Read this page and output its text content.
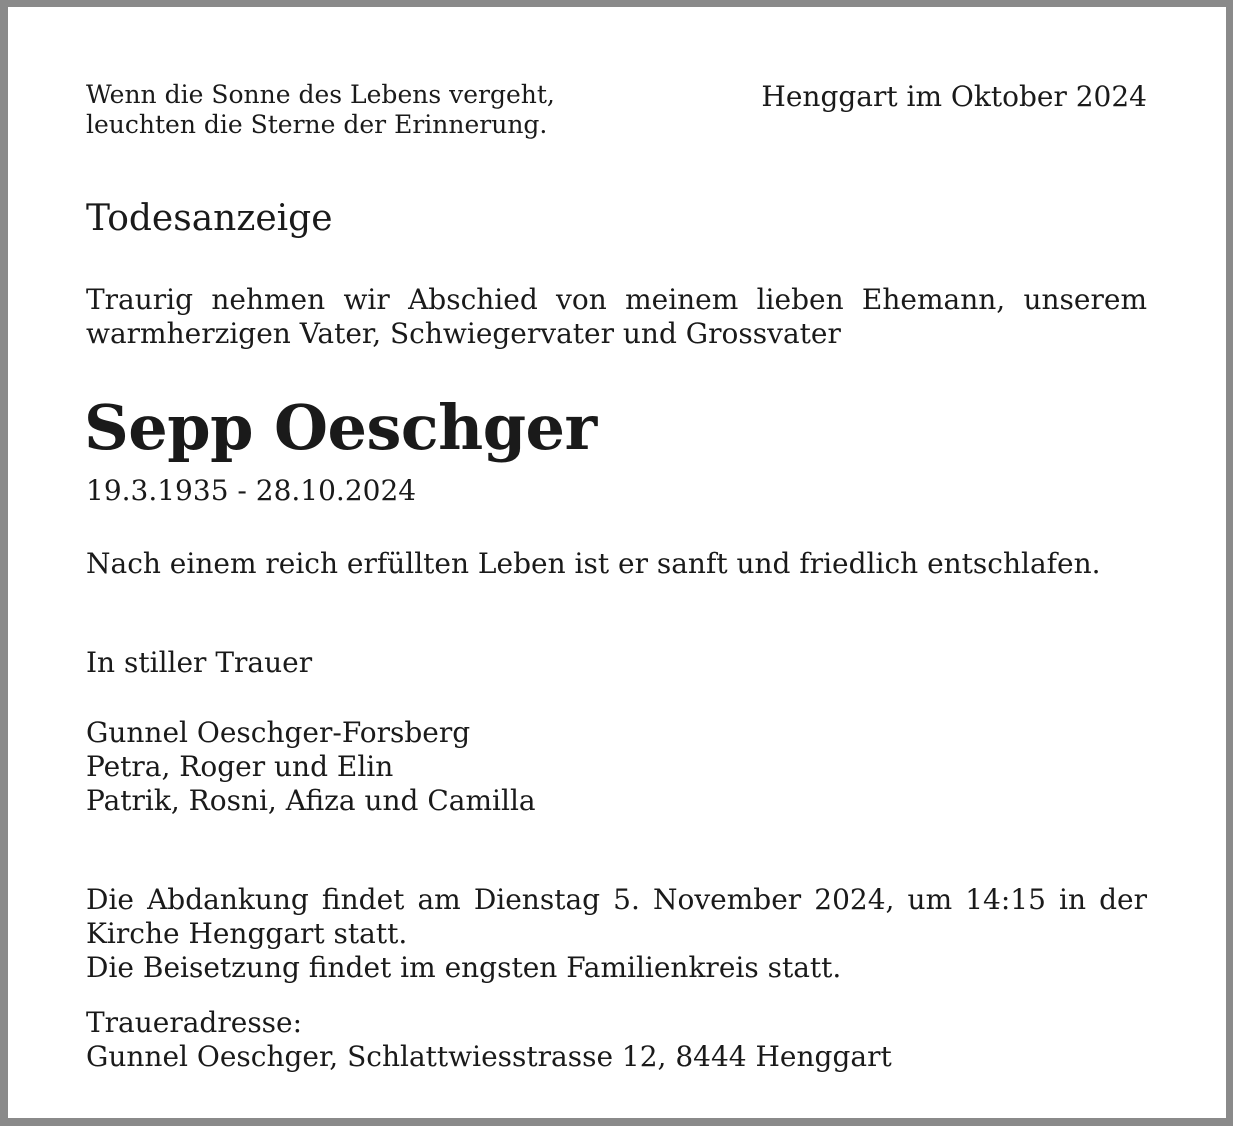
Wenn die Sonne des Lebens vergeht,
leuchten die Sterne der Erinnerung.

Henggart im Oktober 2024

Todesanzeige

Traurig nehmen wir Abschied von meinem lieben Ehemann, unserem
warmherzigen Vater, Schwiegervater und Grossvater

Sepp Oeschger

19.3.1935 - 28.10.2024

Nach einem reich erfüllten Leben ist er sanft und friedlich entschlafen.

In stiller Trauer

Gunnel Oeschger-Forsberg
Petra, Roger und Elin
Patrik, Rosni, Afiza und Camilla

Die Abdankung findet am Dienstag 5. November 2024, um 14:15 in der
Kirche Henggart statt.
Die Beisetzung findet im engsten Familienkreis statt.

Traueradresse:
Gunnel Oeschger, Schlattwiesstrasse 12, 8444 Henggart
